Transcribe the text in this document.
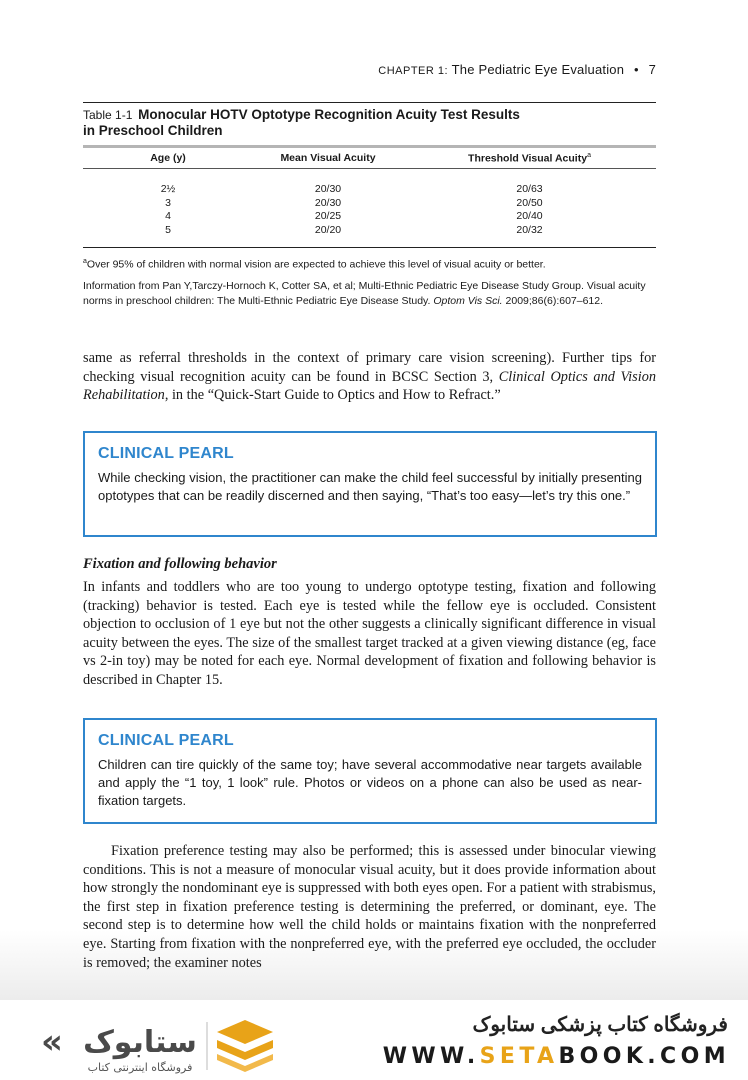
CHAPTER 1: The Pediatric Eye Evaluation • 7
Table 1-1 Monocular HOTV Optotype Recognition Acuity Test Results
in Preschool Children
Age (y)	Mean Visual Acuity	Threshold Visual Acuity$^a$

2½	20/30	20/63
3	20/30	20/50
4	20/25	20/40
5	20/20	20/32
$^a$Over 95% of children with normal vision are expected to achieve this level of visual acuity or better.
Information from Pan Y,Tarczy-Hornoch K, Cotter SA, et al; Multi-Ethnic Pediatric Eye Disease Study Group. Visual acuity norms in preschool children: The Multi-Ethnic Pediatric Eye Disease Study. Optom Vis Sci. 2009;86(6):607–612.
same as referral thresholds in the context of primary care vision screening). Further tips for checking visual recognition acuity can be found in BCSC Section 3, Clinical Optics and Vision Rehabilitation, in the “Quick-Start Guide to Optics and How to Refract.”
CLINICAL PEARL
While checking vision, the practitioner can make the child feel successful by initially presenting optotypes that can be readily discerned and then saying, “That’s too easy—let’s try this one.”
Fixation and following behavior
In infants and toddlers who are too young to undergo optotype testing, fixation and following (tracking) behavior is tested. Each eye is tested while the fellow eye is occluded. Consistent objection to occlusion of 1 eye but not the other suggests a clinically significant difference in visual acuity between the eyes. The size of the smallest target tracked at a given viewing distance (eg, face vs 2-in toy) may be noted for each eye. Normal development of fixation and following behavior is described in Chapter 15.
CLINICAL PEARL
Children can tire quickly of the same toy; have several accommodative near targets available and apply the “1 toy, 1 look” rule. Photos or videos on a phone can also be used as near-fixation targets.
Fixation preference testing may also be performed; this is assessed under binocular viewing conditions. This is not a measure of monocular visual acuity, but it does provide information about how strongly the nondominant eye is suppressed with both eyes open. For a patient with strabismus, the first step in fixation preference testing is determining the preferred, or dominant, eye. The second step is to determine how well the child holds or maintains fixation with the nonpreferred eye. Starting from fixation with the nonpreferred eye, with the preferred eye occluded, the occluder is removed; the examiner notes
« ستابوک
فروشگاه اینترنتی کتاب
فروشگاه کتاب پزشکی ستابوک
WWW.SETABOOK.COM
